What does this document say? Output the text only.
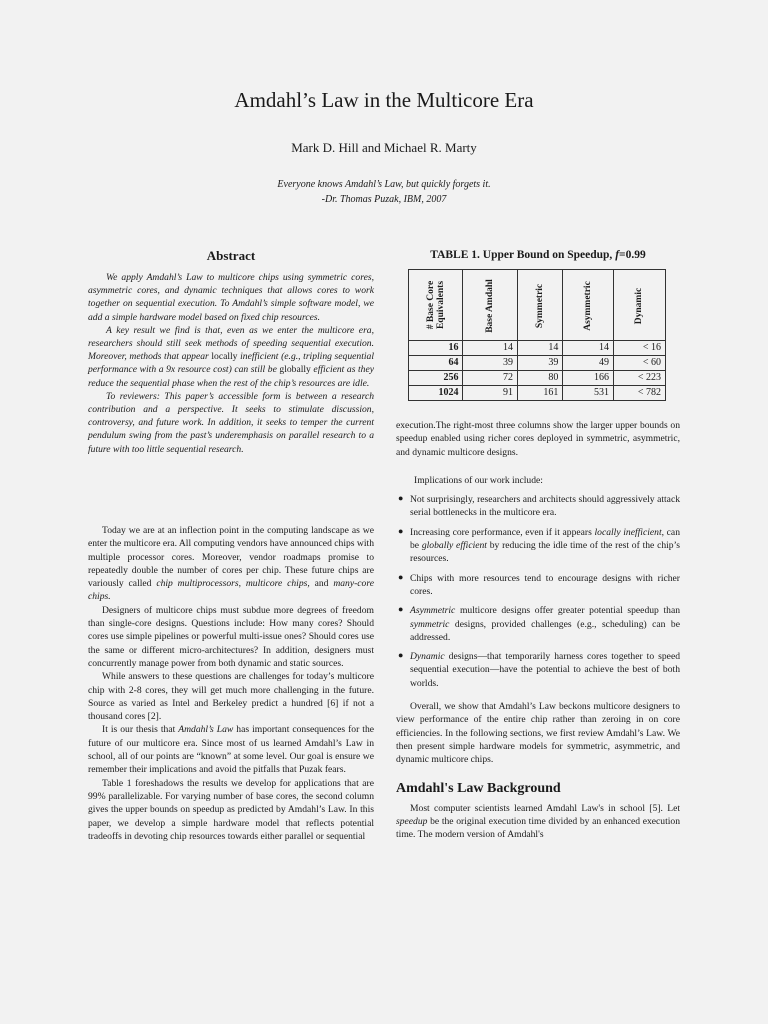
Amdahl’s Law in the Multicore Era
Mark D. Hill and Michael R. Marty
Everyone knows Amdahl’s Law, but quickly forgets it.
-Dr. Thomas Puzak, IBM, 2007
Abstract

We apply Amdahl’s Law to multicore chips using symmetric cores, asymmetric cores, and dynamic techniques that allows cores to work together on sequential execution. To Amdahl’s simple software model, we add a simple hardware model based on fixed chip resources.

A key result we find is that, even as we enter the multicore era, researchers should still seek methods of speeding sequential execution. Moreover, methods that appear locally inefficient (e.g., tripling sequential performance with a 9x resource cost) can still be globally efficient as they reduce the sequential phase when the rest of the chip’s resources are idle.

To reviewers: This paper’s accessible form is between a research contribution and a perspective. It seeks to stimulate discussion, controversy, and future work. In addition, it seeks to temper the current pendulum swing from the past’s underemphasis on parallel research to a future with too little sequential research.

Today we are at an inflection point in the computing landscape as we enter the multicore era. All computing vendors have announced chips with multiple processor cores. Moreover, vendor roadmaps promise to repeatedly double the number of cores per chip. These future chips are variously called chip multiprocessors, multicore chips, and many-core chips.

Designers of multicore chips must subdue more degrees of freedom than single-core designs. Questions include: How many cores? Should cores use simple pipelines or powerful multi-issue ones? Should cores use the same or different micro-architectures? In addition, designers must concurrently manage power from both dynamic and static sources.

While answers to these questions are challenges for today’s multicore chip with 2-8 cores, they will get much more challenging in the future. Source as varied as Intel and Berkeley predict a hundred [6] if not a thousand cores [2].

It is our thesis that Amdahl’s Law has important consequences for the future of our multicore era. Since most of us learned Amdahl’s Law in school, all of our points are “known” at some level. Our goal is ensure we remember their implications and avoid the pitfalls that Puzak fears.

Table 1 foreshadows the results we develop for applications that are 99% parallelizable. For varying number of base cores, the second column gives the upper bounds on speedup as predicted by Amdahl’s Law. In this paper, we develop a simple hardware model that reflects potential tradeoffs in devoting chip resources towards either parallel or sequential

TABLE 1. Upper Bound on Speedup, f=0.99
# Base Core
Equivalents	Base Amdahl	Symmetric	Asymmetric	Dynamic
16	14	14	14	< 16
64	39	39	49	< 60
256	72	80	166	< 223
1024	91	161	531	< 782

execution.The right-most three columns show the larger upper bounds on speedup enabled using richer cores deployed in symmetric, asymmetric, and dynamic multicore designs.

Implications of our work include:

● Not surprisingly, researchers and architects should aggressively attack serial bottlenecks in the multicore era.
● Increasing core performance, even if it appears locally inefficient, can be globally efficient by reducing the idle time of the rest of the chip’s resources.
● Chips with more resources tend to encourage designs with richer cores.
● Asymmetric multicore designs offer greater potential speedup than symmetric designs, provided challenges (e.g., scheduling) can be addressed.
● Dynamic designs—that temporarily harness cores together to speed sequential execution—have the potential to achieve the best of both worlds.

Overall, we show that Amdahl’s Law beckons multicore designers to view performance of the entire chip rather than zeroing in on core efficiencies. In the following sections, we first review Amdahl’s Law. We then present simple hardware models for symmetric, asymmetric, and dynamic multicore chips.

Amdahl's Law Background

Most computer scientists learned Amdahl Law's in school [5]. Let speedup be the original execution time divided by an enhanced execution time. The modern version of Amdahl's
